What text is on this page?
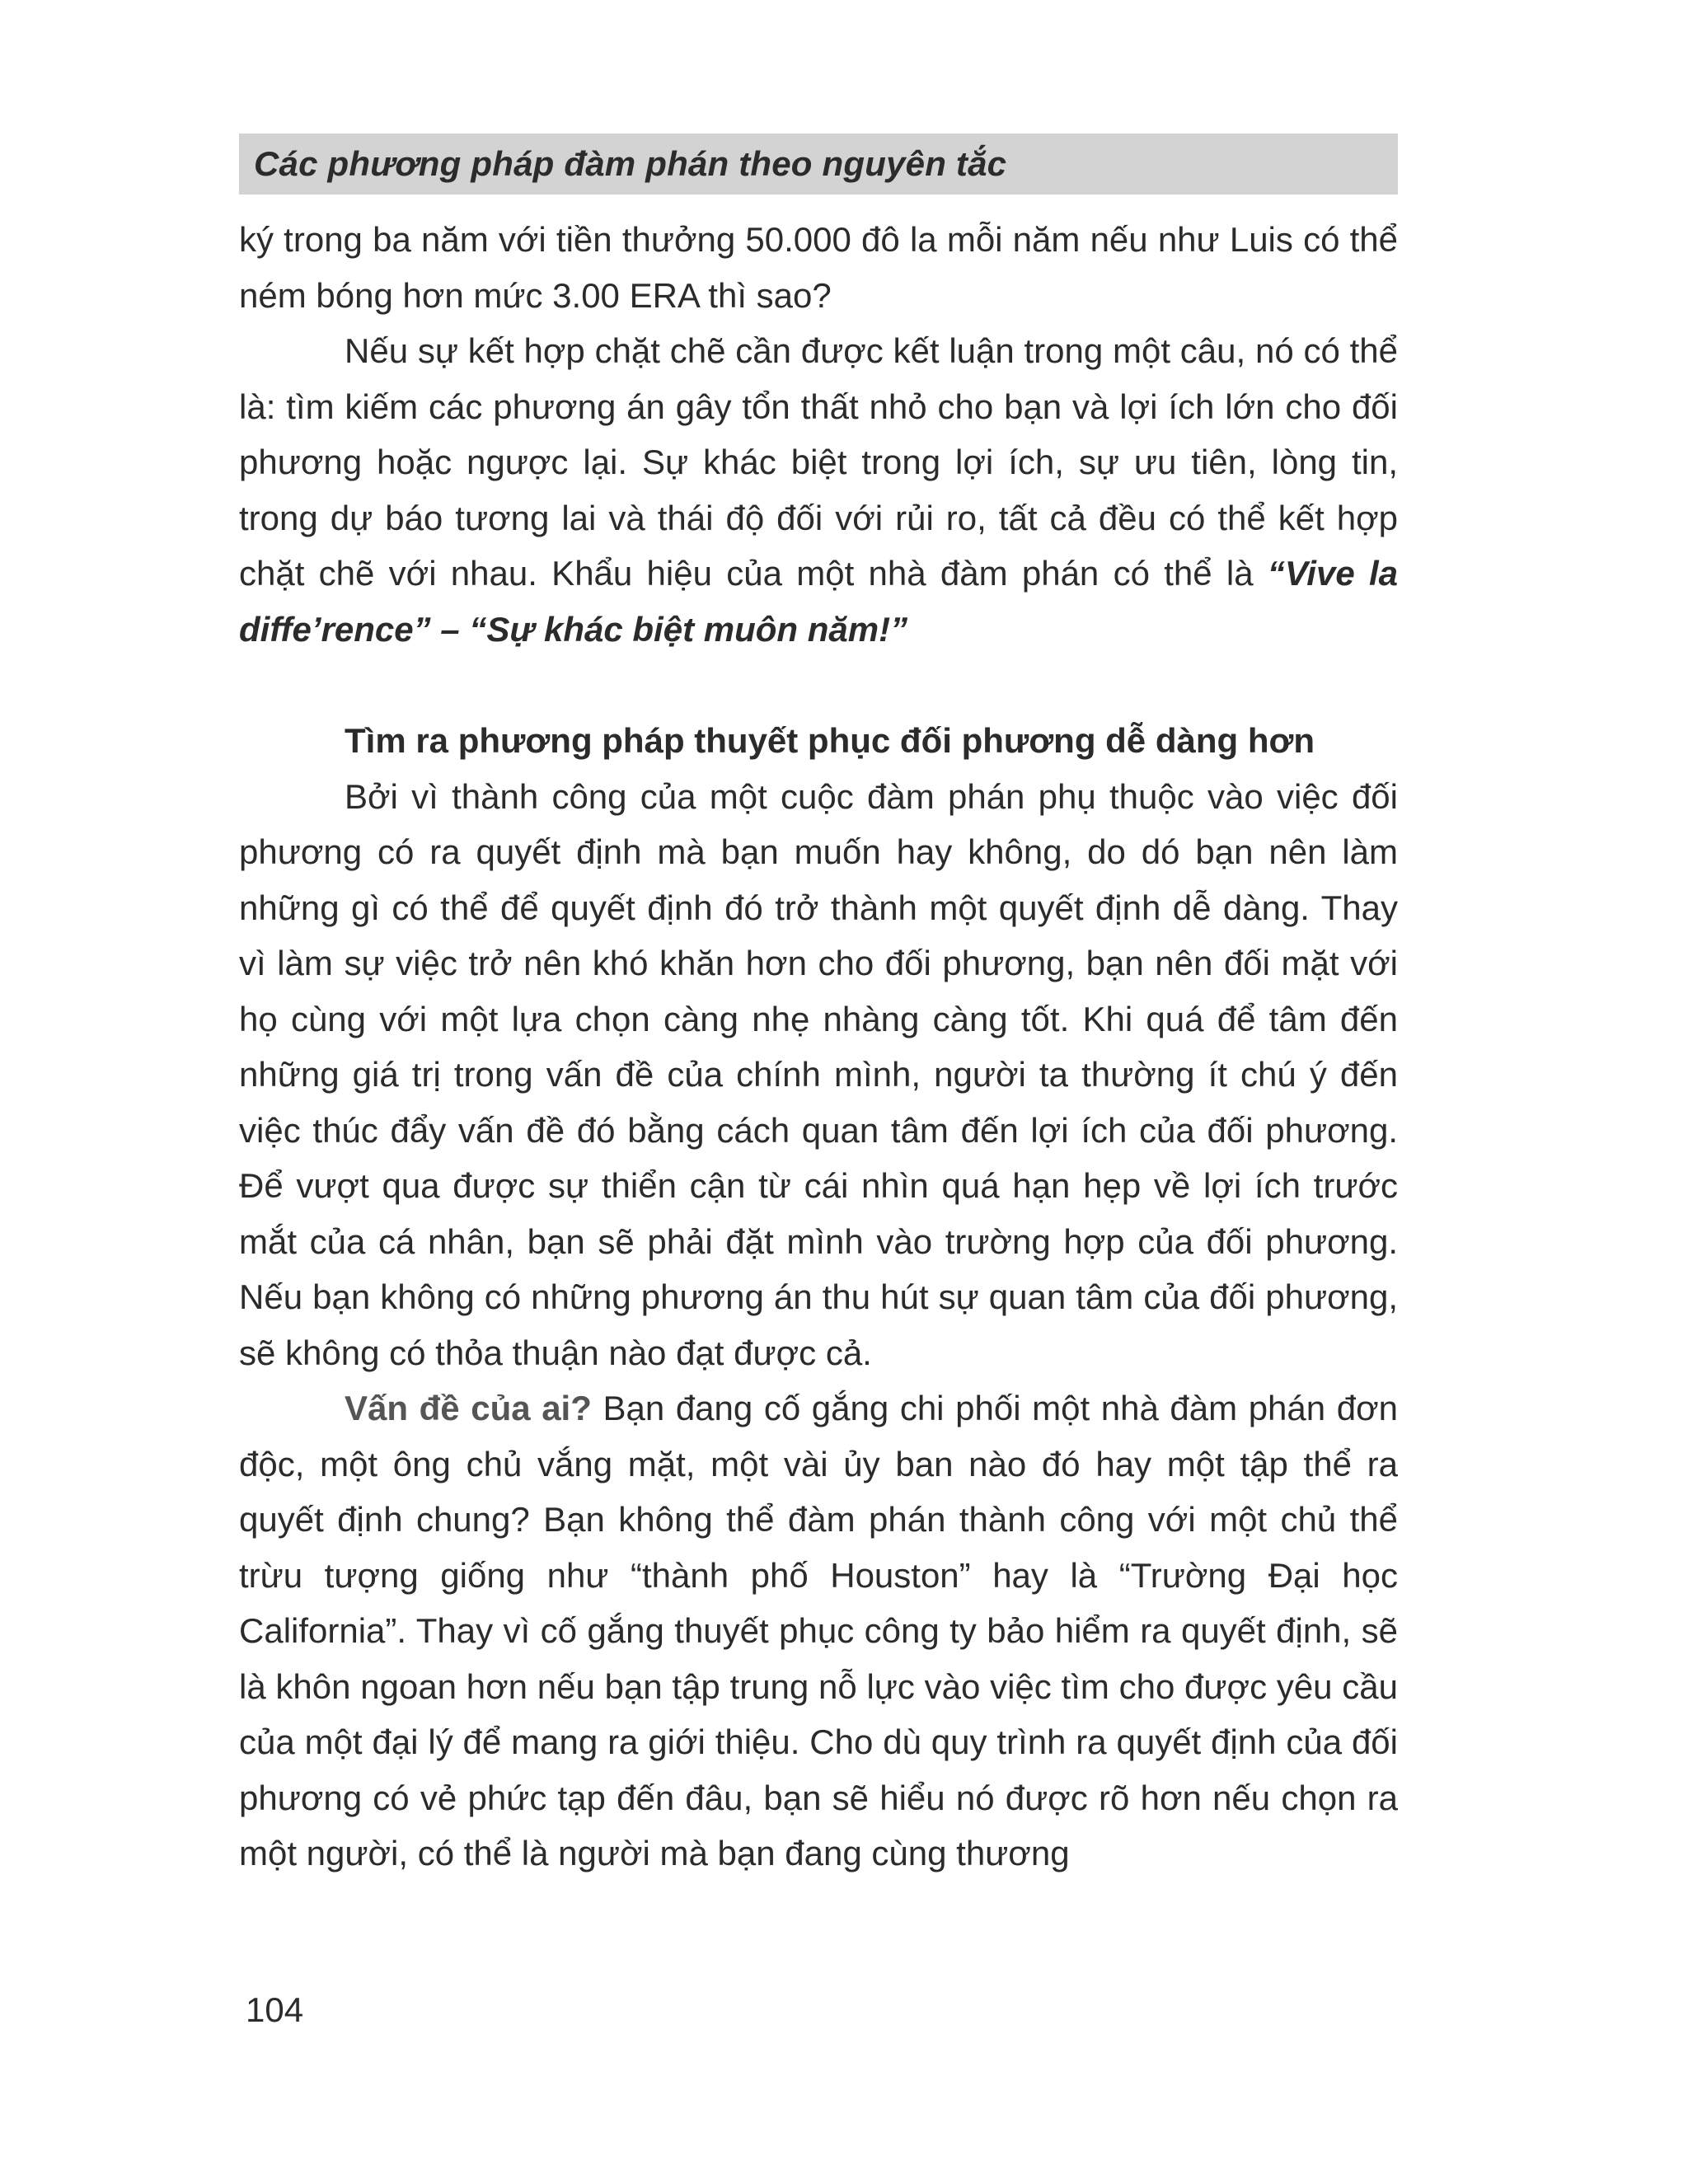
Các phương pháp đàm phán theo nguyên tắc

ký trong ba năm với tiền thưởng 50.000 đô la mỗi năm nếu như Luis có thể ném bóng hơn mức 3.00 ERA thì sao?

Nếu sự kết hợp chặt chẽ cần được kết luận trong một câu, nó có thể là: tìm kiếm các phương án gây tổn thất nhỏ cho bạn và lợi ích lớn cho đối phương hoặc ngược lại. Sự khác biệt trong lợi ích, sự ưu tiên, lòng tin, trong dự báo tương lai và thái độ đối với rủi ro, tất cả đều có thể kết hợp chặt chẽ với nhau. Khẩu hiệu của một nhà đàm phán có thể là “Vive la diffe’rence” – “Sự khác biệt muôn năm!”

Tìm ra phương pháp thuyết phục đối phương dễ dàng hơn

Bởi vì thành công của một cuộc đàm phán phụ thuộc vào việc đối phương có ra quyết định mà bạn muốn hay không, do dó bạn nên làm những gì có thể để quyết định đó trở thành một quyết định dễ dàng. Thay vì làm sự việc trở nên khó khăn hơn cho đối phương, bạn nên đối mặt với họ cùng với một lựa chọn càng nhẹ nhàng càng tốt. Khi quá để tâm đến những giá trị trong vấn đề của chính mình, người ta thường ít chú ý đến việc thúc đẩy vấn đề đó bằng cách quan tâm đến lợi ích của đối phương. Để vượt qua được sự thiển cận từ cái nhìn quá hạn hẹp về lợi ích trước mắt của cá nhân, bạn sẽ phải đặt mình vào trường hợp của đối phương. Nếu bạn không có những phương án thu hút sự quan tâm của đối phương, sẽ không có thỏa thuận nào đạt được cả.

Vấn đề của ai? Bạn đang cố gắng chi phối một nhà đàm phán đơn độc, một ông chủ vắng mặt, một vài ủy ban nào đó hay một tập thể ra quyết định chung? Bạn không thể đàm phán thành công với một chủ thể trừu tượng giống như “thành phố Houston” hay là “Trường Đại học California”. Thay vì cố gắng thuyết phục công ty bảo hiểm ra quyết định, sẽ là khôn ngoan hơn nếu bạn tập trung nỗ lực vào việc tìm cho được yêu cầu của một đại lý để mang ra giới thiệu. Cho dù quy trình ra quyết định của đối phương có vẻ phức tạp đến đâu, bạn sẽ hiểu nó được rõ hơn nếu chọn ra một người, có thể là người mà bạn đang cùng thương

104
